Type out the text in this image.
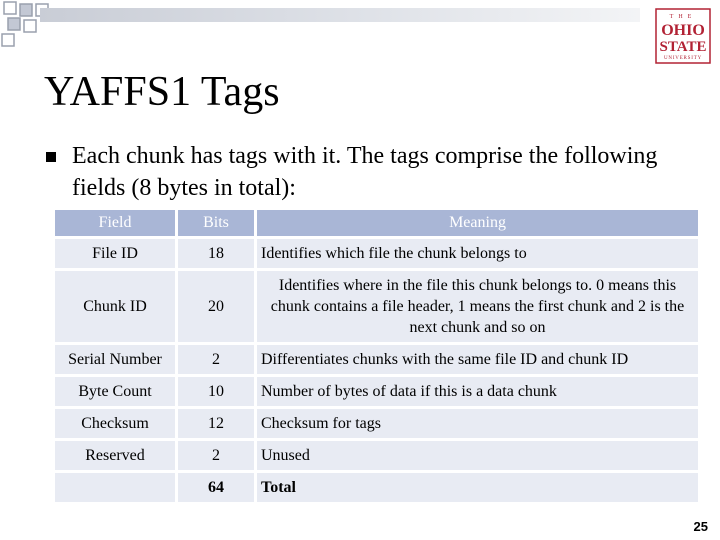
THE
OHIO
STATE
UNIVERSITY
YAFFS1 Tags
Each chunk has tags with it. The tags comprise the following fields (8 bytes in total):
Field	Bits	Meaning
File ID	18	Identifies which file the chunk belongs to
Chunk ID	20	Identifies where in the file this chunk belongs to. 0 means this chunk contains a file header, 1 means the first chunk and 2 is the next chunk and so on
Serial Number	2	Differentiates chunks with the same file ID and chunk ID
Byte Count	10	Number of bytes of data if this is a data chunk
Checksum	12	Checksum for tags
Reserved	2	Unused
	64	Total
25
